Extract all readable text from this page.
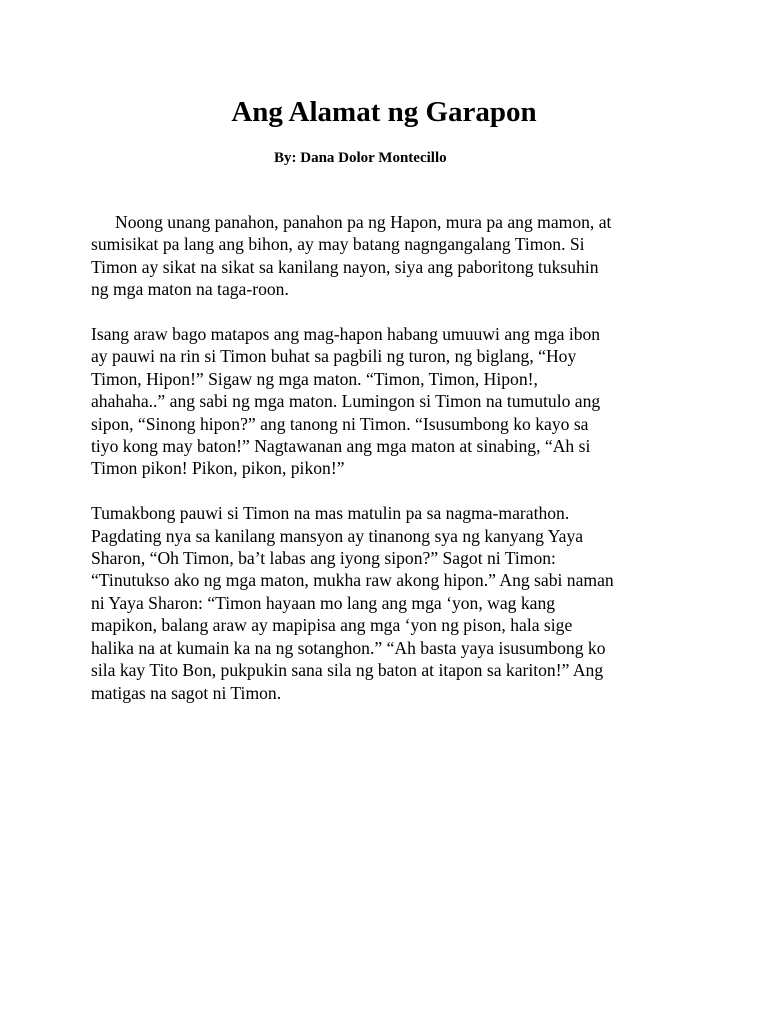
Ang Alamat ng Garapon

By: Dana Dolor Montecillo

Noong unang panahon, panahon pa ng Hapon, mura pa ang mamon, at
sumisikat pa lang ang bihon, ay may batang nagngangalang Timon. Si
Timon ay sikat na sikat sa kanilang nayon, siya ang paboritong tuksuhin
ng mga maton na taga-roon.

Isang araw bago matapos ang mag-hapon habang umuuwi ang mga ibon
ay pauwi na rin si Timon buhat sa pagbili ng turon, ng biglang, “Hoy
Timon, Hipon!” Sigaw ng mga maton. “Timon, Timon, Hipon!,
ahahaha..” ang sabi ng mga maton. Lumingon si Timon na tumutulo ang
sipon, “Sinong hipon?” ang tanong ni Timon. “Isusumbong ko kayo sa
tiyo kong may baton!” Nagtawanan ang mga maton at sinabing, “Ah si
Timon pikon! Pikon, pikon, pikon!”

Tumakbong pauwi si Timon na mas matulin pa sa nagma-marathon.
Pagdating nya sa kanilang mansyon ay tinanong sya ng kanyang Yaya
Sharon, “Oh Timon, ba’t labas ang iyong sipon?” Sagot ni Timon:
“Tinutukso ako ng mga maton, mukha raw akong hipon.” Ang sabi naman
ni Yaya Sharon: “Timon hayaan mo lang ang mga ‘yon, wag kang
mapikon, balang araw ay mapipisa ang mga ‘yon ng pison, hala sige
halika na at kumain ka na ng sotanghon.” “Ah basta yaya isusumbong ko
sila kay Tito Bon, pukpukin sana sila ng baton at itapon sa kariton!” Ang
matigas na sagot ni Timon.
